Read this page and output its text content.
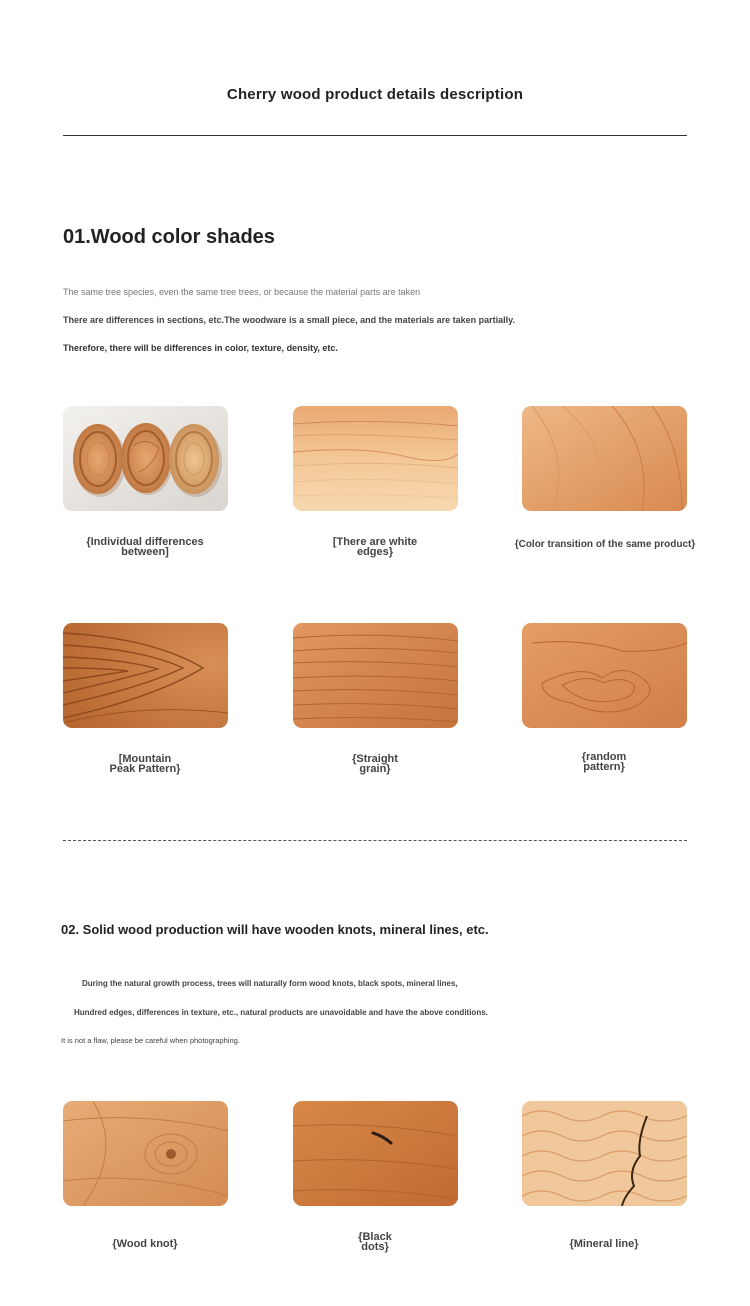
Cherry wood product details description
01.Wood color shades
The same tree species, even the same tree trees, or because the material parts are taken
There are differences in sections, etc.The woodware is a small piece, and the materials are taken partially.
Therefore, there will be differences in color, texture, density, etc.
{Individual differences
between]
[There are white
edges}
{Color transition of the same product}
[Mountain
Peak Pattern}
{Straight
grain}
{random
pattern}
02. Solid wood production will have wooden knots, mineral lines, etc.
During the natural growth process, trees will naturally form wood knots, black spots, mineral lines,
Hundred edges, differences in texture, etc., natural products are unavoidable and have the above conditions.
It is not a flaw, please be careful when photographing.
{Wood knot}
{Black
dots}	{Mineral line}
